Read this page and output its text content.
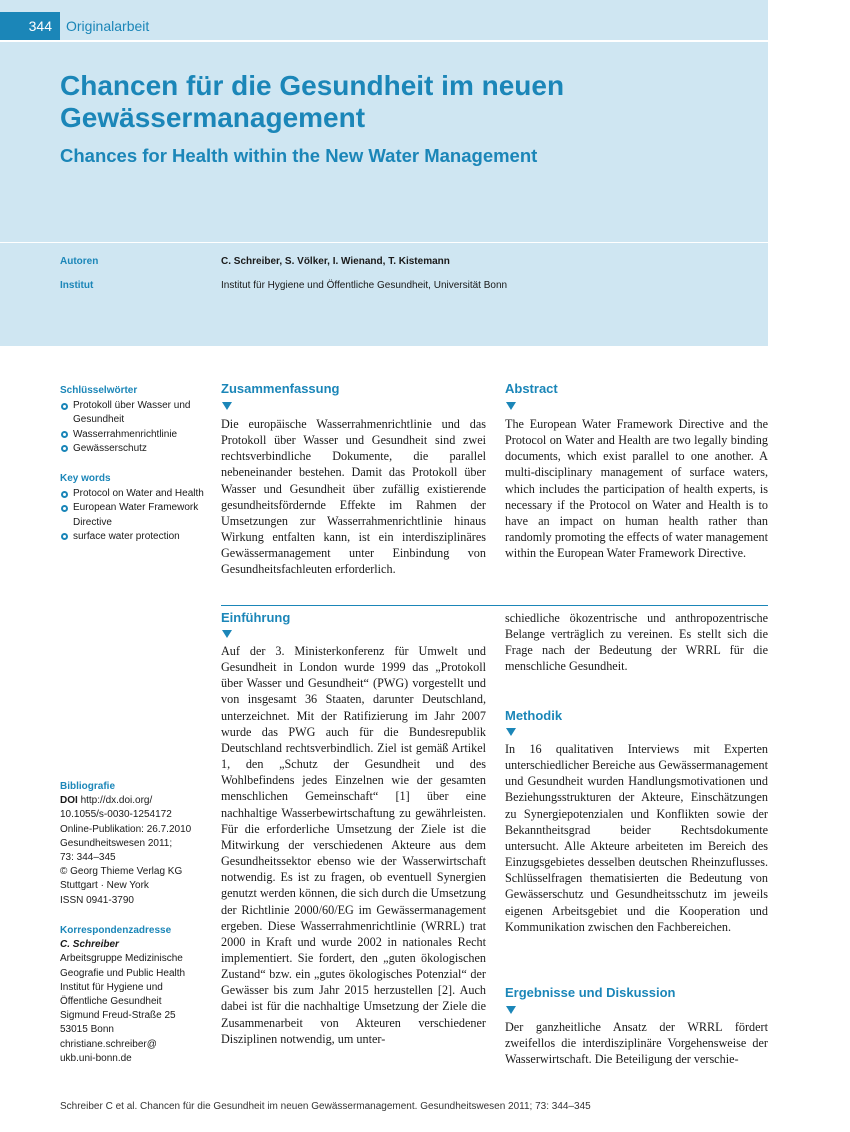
344	Originalarbeit
Chancen für die Gesundheit im neuen Gewässermanagement
Chances for Health within the New Water Management
Autoren	C. Schreiber, S. Völker, I. Wienand, T. Kistemann
Institut	Institut für Hygiene und Öffentliche Gesundheit, Universität Bonn
Schlüsselwörter
Protokoll über Wasser und Gesundheit
Wasserrahmenrichtlinie
Gewässerschutz
Key words
Protocol on Water and Health
European Water Framework Directive
surface water protection
Bibliografie
DOI http://dx.doi.org/
10.1055/s-0030-1254172
Online-Publikation: 26.7.2010
Gesundheitswesen 2011;
73: 344–345
© Georg Thieme Verlag KG
Stuttgart · New York
ISSN 0941-3790
Korrespondenzadresse
C. Schreiber
Arbeitsgruppe Medizinische
Geografie und Public Health
Institut für Hygiene und
Öffentliche Gesundheit
Sigmund Freud-Straße 25
53015 Bonn
christiane.schreiber@
ukb.uni-bonn.de
Zusammenfassung
Die europäische Wasserrahmenrichtlinie und das Protokoll über Wasser und Gesundheit sind zwei rechtsverbindliche Dokumente, die parallel nebeneinander bestehen. Damit das Protokoll über Wasser und Gesundheit über zufällig existierende gesundheitsfördernde Effekte im Rahmen der Umsetzungen zur Wasserrahmenrichtlinie hinaus Wirkung entfalten kann, ist ein interdisziplinäres Gewässermanagement unter Einbindung von Gesundheitsfachleuten erforderlich.
Abstract
The European Water Framework Directive and the Protocol on Water and Health are two legally binding documents, which exist parallel to one another. A multi-disciplinary management of surface waters, which includes the participation of health experts, is necessary if the Protocol on Water and Health is to have an impact on human health rather than randomly promoting the effects of water management within the European Water Framework Directive.
Einführung
Auf der 3. Ministerkonferenz für Umwelt und Gesundheit in London wurde 1999 das „Protokoll über Wasser und Gesundheit“ (PWG) vorgestellt und von insgesamt 36 Staaten, darunter Deutschland, unterzeichnet. Mit der Ratifizierung im Jahr 2007 wurde das PWG auch für die Bundesrepublik Deutschland rechtsverbindlich. Ziel ist gemäß Artikel 1, den „Schutz der Gesundheit und des Wohlbefindens jedes Einzelnen wie der gesamten menschlichen Gemeinschaft“ [1] über eine nachhaltige Wasserbewirtschaftung zu gewährleisten. Für die erforderliche Umsetzung der Ziele ist die Mitwirkung der verschiedenen Akteure aus dem Gesundheitssektor ebenso wie der Wasserwirtschaft notwendig. Es ist zu fragen, ob eventuell Synergien genutzt werden können, die sich durch die Umsetzung der Richtlinie 2000/60/EG im Gewässermanagement ergeben. Diese Wasserrahmenrichtlinie (WRRL) trat 2000 in Kraft und wurde 2002 in nationales Recht implementiert. Sie fordert, den „guten ökologischen Zustand“ bzw. ein „gutes ökologisches Potenzial“ der Gewässer bis zum Jahr 2015 herzustellen [2]. Auch dabei ist für die nachhaltige Umsetzung der Ziele die Zusammenarbeit von Akteuren verschiedener Disziplinen notwendig, um unter-
schiedliche ökozentrische und anthropozentrische Belange verträglich zu vereinen. Es stellt sich die Frage nach der Bedeutung der WRRL für die menschliche Gesundheit.
Methodik
In 16 qualitativen Interviews mit Experten unterschiedlicher Bereiche aus Gewässermanagement und Gesundheit wurden Handlungsmotivationen und Beziehungsstrukturen der Akteure, Einschätzungen zu Synergiepotenzialen und Konflikten sowie der Bekanntheitsgrad beider Rechtsdokumente untersucht. Alle Akteure arbeiteten im Bereich des Einzugsgebietes desselben deutschen Rheinzuflusses. Schlüsselfragen thematisierten die Bedeutung von Gewässerschutz und Gesundheitsschutz im jeweils eigenen Arbeitsgebiet und die Kooperation und Kommunikation zwischen den Fachbereichen.
Ergebnisse und Diskussion
Der ganzheitliche Ansatz der WRRL fördert zweifellos die interdisziplinäre Vorgehensweise der Wasserwirtschaft. Die Beteiligung der verschie-
Schreiber C et al. Chancen für die Gesundheit im neuen Gewässermanagement. Gesundheitswesen 2011; 73: 344–345
